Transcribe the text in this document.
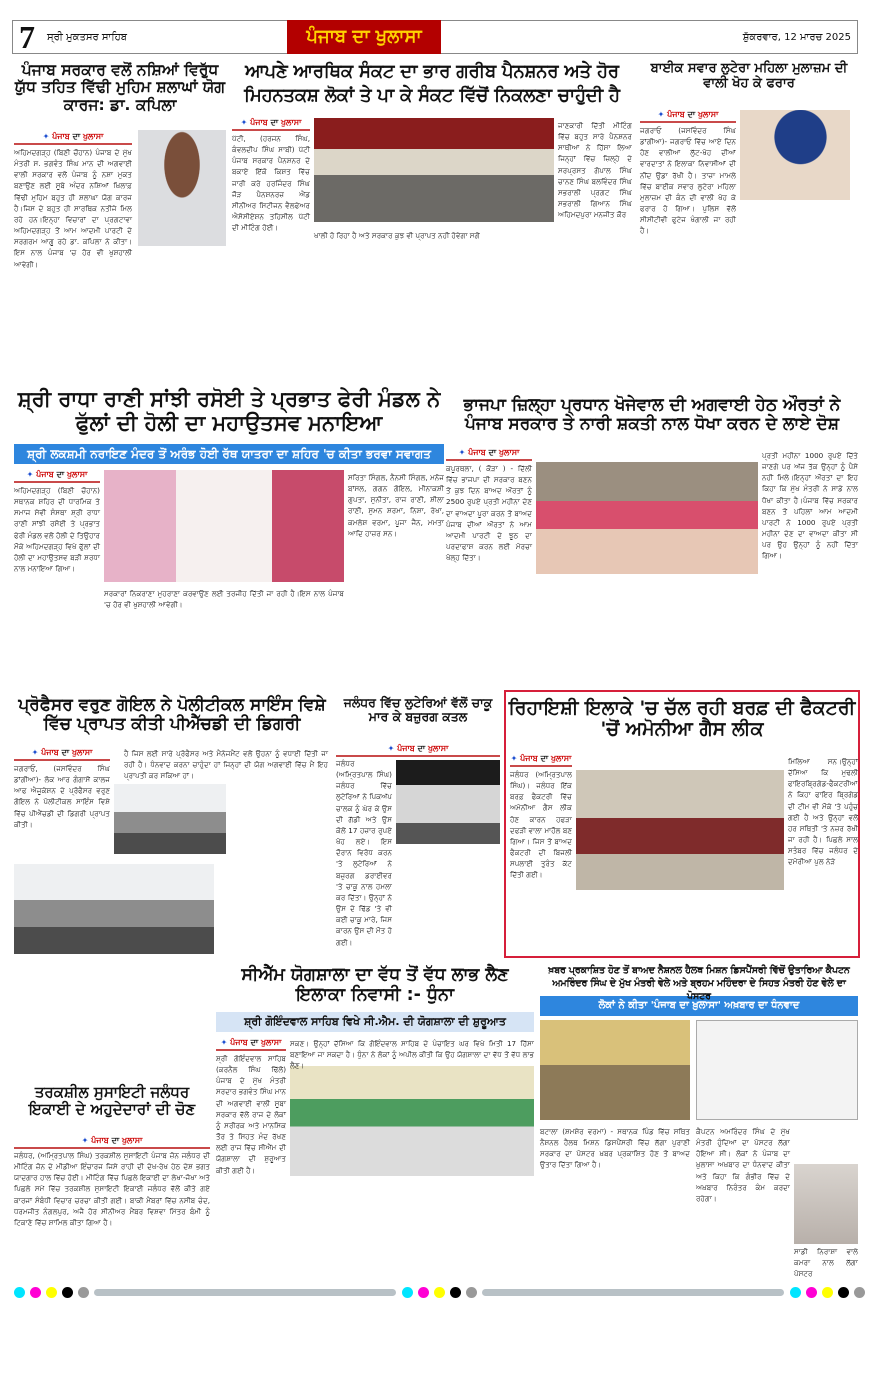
7 ਸ੍ਰੀ ਮੁਕਤਸਰ ਸਾਹਿਬ	ਪੰਜਾਬ ਦਾ ਖੁਲਾਸਾ	ਸ਼ੁੱਕਰਵਾਰ, 12 ਮਾਰਚ 2025
ਪੰਜਾਬ ਸਰਕਾਰ ਵਲੋਂ ਨਸ਼ਿਆਂ ਵਿਰੁੱਧ ਯੁੱਧ ਤਹਿਤ ਵਿੱਢੀ ਮੁਹਿਮ ਸ਼ਲਾਘਾਂ ਯੋਗ ਕਾਰਜ: ਡਾ. ਕਪਿਲਾ
✦ ਪੰਜਾਬ ਦਾ ਖੁਲਾਸਾ
ਅਹਿਮਦਗੜ੍ਹ (ਬਿਣੀ ਚੌਹਾਨ) ਪੰਜਾਬ ਦੇ ਮੁੱਖ ਮੰਤਰੀ ਸ. ਭਗਵੰਤ ਸਿੰਘ ਮਾਨ ਦੀ ਅਗਵਾਈ ਵਾਲੀ ਸਰਕਾਰ ਵਲੋਂ ਪੰਜਾਬ ਨੂੰ ਨਸ਼ਾ ਮੁਕਤ ਬਣਾਉਣ ਲਈ ਸੂਬੇ ਅੰਦਰ ਨਸ਼ਿਆਂ ਖ਼ਿਲਾਫ਼ ਵਿੱਢੀ ਮੁਹਿਮ ਬਹੁਤ ਹੀ ਸ਼ਲਾਘਾ ਯੋਗ ਕਾਰਜ ਹੈ।ਜਿਸ ਦੇ ਬਹੁਤ ਹੀ ਸਾਰਥਿਕ ਨਤੀਜੇ ਮਿਲ ਰਹੇ ਹਨ।ਇਨ੍ਹਾ ਵਿਚਾਰਾਂ ਦਾ ਪ੍ਰਗਟਾਵਾ ਅਹਿਮਦਗੜ੍ਹ ਤੋਂ ਆਮ ਆਦਮੀ ਪਾਰਟੀ ਦੇ ਸਰਗਰਮ ਆਗੂ ਰਹੇ ਡਾ. ਕਪਿਲਾ ਨੇ ਕੀਤਾ। ਇਸ ਨਾਲ ਪੰਜਾਬ 'ਚ ਹੋਰ ਵੀ ਖੁਸ਼ਹਾਲੀ ਆਵੇਗੀ।
ਆਪਣੇ ਆਰਥਿਕ ਸੰਕਟ ਦਾ ਭਾਰ ਗਰੀਬ ਪੈਨਸ਼ਨਰ ਅਤੇ ਹੋਰ ਮਿਹਨਤਕਸ਼ ਲੋਕਾਂ ਤੇ ਪਾ ਕੇ ਸੰਕਟ ਵਿੱਚੋਂ ਨਿਕਲਣਾ ਚਾਹੁੰਦੀ ਹੈ
✦ ਪੰਜਾਬ ਦਾ ਖੁਲਾਸਾ
ਪੱਟੀ, (ਹਰਜਨ ਸਿੰਘ, ਕੰਵਲਦੀਪ ਸਿੰਘ ਸਾਬੀ) ਪੱਟੀ ਪੰਜਾਬ ਸਰਕਾਰ ਪੈਨਸ਼ਨਰ ਦੇ ਬਕਾਏ ਇੱਕੋ ਕਿਸ਼ਤ ਵਿੱਚ ਜਾਰੀ ਕਰੇ ਹਰਜਿੰਦਰ ਸਿੰਘ ਜੌੜ ਪੈਨਸ਼ਨਰਜ਼ ਐਂਡ ਸੀਨੀਅਰ ਸਿਟੀਜਨ ਵੈਲਫੇਅਰ ਐਸੋਸੀਏਸ਼ਨ ਤਹਿਸੀਲ ਪੱਟੀ ਦੀ ਮੀਟਿੰਗ ਹੋਈ।
ਜਾਣਕਾਰੀ ਦਿੱਤੀ ਮੀਟਿੰਗ ਵਿੱਚ ਬਹੁਤ ਸਾਰੇ ਪੈਨਸ਼ਨਰ ਸਾਥੀਆਂ ਨੇ ਹਿੱਸਾ ਲਿਆ ਜਿਨ੍ਹਾਂ ਵਿੱਚ ਜ਼ਿਲ੍ਹੇ ਦੇ ਸਰਪ੍ਰਸਤ ਗੋਪਾਲ ਸਿੰਘ ਚਾਨਣ ਸਿੰਘ ਬਲਵਿੰਦਰ ਸਿੰਘ ਸਭਰਾਲੀ ਪ੍ਰਗਟ ਸਿੰਘ ਸਭਰਾਲੀ ਗਿਆਨ ਸਿੰਘ ਅਹਿਮਦਪੁਰਾ ਮਨਜੀਤ ਕੌਰ
ਖਾਲੀ ਹੋ ਰਿਹਾ ਹੈ ਅਤੇ ਸਰਕਾਰ ਕੁਝ ਵੀ ਪ੍ਰਾਪਤ ਨਹੀਂ ਹੋਵੇਗਾ ਸਗੋਂ
ਬਾਈਕ ਸਵਾਰ ਲੁਟੇਰਾ ਮਹਿਲਾ ਮੁਲਾਜ਼ਮ ਦੀ ਵਾਲੀ ਖੋਹ ਕੇ ਫਰਾਰ
✦ ਪੰਜਾਬ ਦਾ ਖੁਲਾਸਾ
ਜਗਰਾਓਂ (ਜਸਵਿੰਦਰ ਸਿੰਘ ਡਾਂਗੀਆ)- ਜਗਰਾਓਂ ਵਿੱਚ ਆਏ ਦਿਨ ਹੋਣ ਵਾਲੀਆਂ ਲੁੱਟ-ਖੋਹ ਦੀਆਂ ਵਾਰਦਾਤਾਂ ਨੇ ਇਲਾਕਾ ਨਿਵਾਸੀਆਂ ਦੀ ਨੀਂਦ ਉਡਾ ਰੱਖੀ ਹੈ। ਤਾਜ਼ਾ ਮਾਮਲੇ ਵਿੱਚ ਬਾਈਕ ਸਵਾਰ ਲੁਟੇਰਾ ਮਹਿਲਾ ਮੁਲਾਜ਼ਮ ਦੀ ਕੰਨ ਦੀ ਵਾਲੀ ਖੋਹ ਕੇ ਫਰਾਰ ਹੋ ਗਿਆ। ਪੁਲਿਸ ਵੱਲੋਂ ਸੀਸੀਟੀਵੀ ਫੁਟੇਜ ਖੰਗਾਲੀ ਜਾ ਰਹੀ ਹੈ।
ਸ਼੍ਰੀ ਰਾਧਾ ਰਾਣੀ ਸਾਂਝੀ ਰਸੋਈ ਤੇ ਪ੍ਰਭਾਤ ਫੇਰੀ ਮੰਡਲ ਨੇ ਫੁੱਲਾਂ ਦੀ ਹੋਲੀ ਦਾ ਮਹਾਉਤਸਵ ਮਨਾਇਆ
ਸ਼੍ਰੀ ਲਕਸ਼ਮੀ ਨਰਾਇਣ ਮੰਦਰ ਤੋਂ ਅਰੰਭ ਹੋਈ ਰੱਥ ਯਾਤਰਾ ਦਾ ਸ਼ਹਿਰ 'ਚ ਕੀਤਾ ਭਰਵਾ ਸਵਾਗਤ
✦ ਪੰਜਾਬ ਦਾ ਖੁਲਾਸਾ
ਅਹਿਮਦਗੜ੍ਹ (ਬਿਣੀ ਚੌਹਾਨ) ਸਥਾਨਕ ਸ਼ਹਿਰ ਦੀ ਧਾਰਮਿਕ ਤੇ ਸਮਾਜ ਸੇਵੀ ਸੰਸਥਾ ਸ਼੍ਰੀ ਰਾਧਾ ਰਾਣੀ ਸਾਂਝੀ ਰਸੋਈ ਤੇ ਪ੍ਰਭਾਤ ਫੇਰੀ ਮੰਡਲ ਵਲੋਂ ਹੋਲੀ ਦੇ ਤਿਉਹਾਰ ਮੌਕੇ ਅਹਿਮਦਗੜ੍ਹ ਵਿਖੇ ਫੁੱਲਾਂ ਦੀ ਹੋਲੀ ਦਾ ਮਹਾਉਤਸਵ ਬੜੀ ਸ਼ਰਧਾ ਨਾਲ ਮਨਾਇਆ ਗਿਆ।
ਸਰਿਤਾ ਸਿੰਗਲ, ਨੈਨਸੀ ਸਿੰਗਲ, ਮਨੋਜ ਬਾਂਸਲ, ਗਗਨ ਗੋਇਲ, ਮੀਨਾਕਸ਼ੀ ਗੁਪਤਾ, ਸੁਨੀਤਾ, ਰਾਜ ਰਾਣੀ, ਸ਼ੀਲਾ ਰਾਣੀ, ਸੁਮਨ ਸ਼ਰਮਾ, ਨਿਸ਼ਾ, ਰੇਖਾ, ਕਮਲੇਸ਼ ਵਰਮਾ, ਪੂਜਾ ਜੈਨ, ਮਮਤਾ ਆਦਿ ਹਾਜ਼ਰ ਸਨ।
ਸਰਕਾਰਾਂ ਨਿਕਰਾਣਾ ਮੁਹਰਾਣਾ ਕਰਵਾਉਣ ਲਈ ਤਰਜੀਹ ਦਿੱਤੀ ਜਾ ਰਹੀ ਹੈ।ਇਸ ਨਾਲ ਪੰਜਾਬ 'ਚ ਹੋਰ ਵੀ ਖੁਸ਼ਹਾਲੀ ਆਵੇਗੀ।
ਭਾਜਪਾ ਜ਼ਿਲ੍ਹਾ ਪ੍ਰਧਾਨ ਖੋਜੇਵਾਲ ਦੀ ਅਗਵਾਈ ਹੇਠ ਔਰਤਾਂ ਨੇ ਪੰਜਾਬ ਸਰਕਾਰ ਤੇ ਨਾਰੀ ਸ਼ਕਤੀ ਨਾਲ ਧੋਖਾ ਕਰਨ ਦੇ ਲਾਏ ਦੋਸ਼
✦ ਪੰਜਾਬ ਦਾ ਖੁਲਾਸਾ
ਕਪੂਰਥਲਾ, ( ਕੌੜਾ ) - ਦਿੱਲੀ ਵਿੱਚ ਭਾਜਪਾ ਦੀ ਸਰਕਾਰ ਬਣਨ ਤੋਂ ਕੁਝ ਦਿਨ ਬਾਅਦ ਔਰਤਾਂ ਨੂੰ 2500 ਰੁਪਏ ਪ੍ਰਤੀ ਮਹੀਨਾ ਦੇਣ ਦਾ ਵਾਅਦਾ ਪੂਰਾ ਕਰਨ ਤੋਂ ਬਾਅਦ ਪੰਜਾਬ ਦੀਆਂ ਔਰਤਾਂ ਨੇ ਆਮ ਆਦਮੀ ਪਾਰਟੀ ਦੇ ਝੂਠ ਦਾ ਪਰਦਾਫਾਸ਼ ਕਰਨ ਲਈ ਮੋਰਚਾ ਖੋਲ੍ਹ ਦਿੱਤਾ।
ਪ੍ਰਤੀ ਮਹੀਨਾ 1000 ਰੁਪਏ ਦਿੱਤੇ ਜਾਣਗੇ ਪਰ ਅੱਜ ਤੱਕ ਉਨ੍ਹਾਂ ਨੂੰ ਪੈਸੇ ਨਹੀਂ ਮਿਲੇ।ਇਨ੍ਹਾਂ ਔਰਤਾਂ ਦਾ ਇਹ ਕਿਹਾ ਕਿ ਮੁੱਖ ਮੰਤਰੀ ਨੇ ਸਾਡੇ ਨਾਲ ਧੋਖਾ ਕੀਤਾ ਹੈ।ਪੰਜਾਬ ਵਿੱਚ ਸਰਕਾਰ ਬਣਨ ਤੋਂ ਪਹਿਲਾਂ ਆਮ ਆਦਮੀ ਪਾਰਟੀ ਨੇ 1000 ਰੁਪਏ ਪ੍ਰਤੀ ਮਹੀਨਾ ਦੇਣ ਦਾ ਵਾਅਦਾ ਕੀਤਾ ਸੀ ਪਰ ਉਹ ਉਨ੍ਹਾਂ ਨੂੰ ਨਹੀਂ ਦਿੱਤਾ ਗਿਆ।
ਪ੍ਰੋਫੈਸਰ ਵਰੁਣ ਗੋਇਲ ਨੇ ਪੋਲੀਟੀਕਲ ਸਾਇੰਸ ਵਿਸ਼ੇ ਵਿੱਚ ਪ੍ਰਾਪਤ ਕੀਤੀ ਪੀਐੱਚਡੀ ਦੀ ਡਿਗਰੀ
✦ ਪੰਜਾਬ ਦਾ ਖੁਲਾਸਾ
ਜਗਰਾਓਂ, (ਜਸਵਿੰਦਰ ਸਿੰਘ ਡਾਂਗੀਆ)- ਲੋਕ ਆਰ ਗੰਗਾਸੋਂ ਕਾਲਜ ਆਫ ਐਜੂਕੇਸ਼ਨ ਦੇ ਪ੍ਰੋਫੈਸਰ ਵਰੁਣ ਗੋਇਲ ਨੇ ਪੋਲੀਟੀਕਲ ਸਾਇੰਸ ਵਿਸ਼ੇ ਵਿੱਚ ਪੀਐੱਚਡੀ ਦੀ ਡਿਗਰੀ ਪ੍ਰਾਪਤ ਕੀਤੀ।
ਹੈ ਜਿਸ ਲਈ ਸਾਰੇ ਪ੍ਰੋਫੈਸਰ ਅਤੇ ਮੈਨੇਜਮੈਂਟ ਵਲੋਂ ਉਹਨਾ ਨੂੰ ਵਧਾਈ ਦਿੱਤੀ ਜਾ ਰਹੀ ਹੈ। ਧੰਨਵਾਦ ਕਰਨਾ ਚਾਹੁੰਦਾ ਹਾਂ ਜਿਨ੍ਹਾਂ ਦੀ ਯੋਗ ਅਗਵਾਈ ਵਿੱਚ ਮੈਂ ਇਹ ਪ੍ਰਾਪਤੀ ਕਰ ਸਕਿਆ ਹਾਂ।
ਜਲੰਧਰ ਵਿੱਚ ਲੁਟੇਰਿਆਂ ਵੱਲੋਂ ਚਾਕੂ ਮਾਰ ਕੇ ਬਜ਼ੁਰਗ ਕਤਲ
✦ ਪੰਜਾਬ ਦਾ ਖੁਲਾਸਾ
ਜਲੰਧਰ (ਅਮ੍ਰਿਤਪਾਲ ਸਿੰਘ) ਜਲੰਧਰ ਵਿੱਚ ਲੁਟੇਰਿਆਂ ਨੇ ਪਿਕਅੱਪ ਚਾਲਕ ਨੂੰ ਘੇਰ ਕੇ ਉਸ ਦੀ ਗੱਡੀ ਅਤੇ ਉਸ ਕੋਲੋਂ 17 ਹਜ਼ਾਰ ਰੁਪਏ ਖੋਹ ਲਏ। ਇਸ ਦੌਰਾਨ ਵਿਰੋਧ ਕਰਨ 'ਤੇ ਲੁਟੇਰਿਆਂ ਨੇ ਬਜ਼ੁਰਗ ਡਰਾਈਵਰ 'ਤੇ ਚਾਕੂ ਨਾਲ ਹਮਲਾ ਕਰ ਦਿੱਤਾ। ਉਨ੍ਹਾਂ ਨੇ ਉਸ ਦੇ ਢਿੱਡ 'ਤੇ ਵੀ ਕਈ ਚਾਕੂ ਮਾਰੇ, ਜਿਸ ਕਾਰਨ ਉਸ ਦੀ ਮੌਤ ਹੋ ਗਈ।
ਰਿਹਾਇਸ਼ੀ ਇਲਾਕੇ 'ਚ ਚੱਲ ਰਹੀ ਬਰਫ਼ ਦੀ ਫੈਕਟਰੀ 'ਚੋਂ ਅਮੋਨੀਆ ਗੈਸ ਲੀਕ
✦ ਪੰਜਾਬ ਦਾ ਖੁਲਾਸਾ
ਜਲੰਧਰ (ਅਮ੍ਰਿਤਪਾਲ ਸਿੰਘ)। ਜਲੰਧਰ ਇੱਕ ਬਰਫ਼ ਫੈਕਟਰੀ ਵਿੱਚ ਅਮੋਨੀਆ ਗੈਸ ਲੀਕ ਹੋਣ ਕਾਰਨ ਹਫੜਾ ਦਫੜੀ ਵਾਲਾ ਮਾਹੌਲ ਬਣ ਗਿਆ। ਜਿਸ ਤੋਂ ਬਾਅਦ ਫੈਕਟਰੀ ਦੀ ਬਿਜਲੀ ਸਪਲਾਈ ਤੁਰੰਤ ਕੱਟ ਦਿੱਤੀ ਗਈ।
ਮਿਲਿਆ ਸਨ।ਉਨ੍ਹਾਂ ਦੱਸਿਆ ਕਿ ਮੁਢਲੀ ਫਾਇਰਬ੍ਰਿਗੇਡ-ਫੈਕਟਰੀਆਂ ਨੇ ਕਿਹਾ ਫਾਇਰ ਬ੍ਰਿਗੇਡ ਦੀ ਟੀਮ ਵੀ ਮੌਕੇ 'ਤੇ ਪਹੁੰਚ ਗਈ ਹੈ ਅਤੇ ਉਨ੍ਹਾਂ ਵਲੋਂ ਹਰ ਸਥਿਤੀ 'ਤੇ ਨਜ਼ਰ ਰੱਖੀ ਜਾ ਰਹੀ ਹੈ। ਪਿਛਲੇ ਸਾਲ ਸਤੰਬਰ ਵਿੱਚ ਜਲੰਧਰ ਦੇ ਦਮੋਰੀਆ ਪੁਲ ਨੇੜੇ
ਤਰਕਸ਼ੀਲ ਸੁਸਾਇਟੀ ਜਲੰਧਰ ਇਕਾਈ ਦੇ ਅਹੁਦੇਦਾਰਾਂ ਦੀ ਚੋਣ
✦ ਪੰਜਾਬ ਦਾ ਖੁਲਾਸਾ
ਜਲੰਧਰ, (ਅਮ੍ਰਿਤਪਾਲ ਸਿੰਘ) ਤਰਕਸ਼ੀਲ ਸੁਸਾਇਟੀ ਪੰਜਾਬ ਜ਼ੋਨ ਜਲੰਧਰ ਦੀ ਮੀਟਿੰਗ ਜ਼ੋਨ ਦੇ ਮੀਡੀਆ ਇੰਚਾਰਜ ਜਿਸੇ ਰਾਹੀ ਦੀ ਦੇਖ-ਰੇਖ ਹੇਠ ਦੇਸ਼ ਭਗਤ ਯਾਦਗਾਰ ਹਾਲ ਵਿੱਚ ਹੋਈ। ਮੀਟਿੰਗ ਵਿੱਚ ਪਿਛਲੇ ਇਕਾਈ ਦਾ ਲੇਖਾ-ਜੋਖਾ ਅਤੇ ਪਿਛਲੇ ਸਮੇਂ ਵਿੱਚ ਤਰਕਸ਼ੀਲ ਸੁਸਾਇਟੀ ਇਕਾਈ ਜਲੰਧਰ ਵੱਲੋਂ ਕੀਤੇ ਗਏ ਕਾਰਜਾਂ ਸੰਬੰਧੀ ਵਿਚਾਰ ਚਰਚਾ ਕੀਤੀ ਗਈ। ਬਾਕੀ ਮੈਂਬਰਾਂ ਵਿੱਚ ਨਸੀਬ ਚੰਦ, ਧਰਮਜੀਤ ਨੰਗਲਪੁਰ, ਅਜੈ ਹੋਰ ਸੀਨੀਅਰ ਮੈਂਬਰ ਵਿਸ਼ਵਾ ਮਿੱਤਰ ਬੰਮੀ ਨੂੰ ਟਿਕਾਣੇ ਵਿੱਚ ਸ਼ਾਮਿਲ ਕੀਤਾ ਗਿਆ ਹੈ।
ਸੀਐੱਮ ਯੋਗਸ਼ਾਲਾ ਦਾ ਵੱਧ ਤੋਂ ਵੱਧ ਲਾਭ ਲੈਣ ਇਲਾਕਾ ਨਿਵਾਸੀ :- ਧੁੰਨਾ
ਸ਼੍ਰੀ ਗੋਇੰਦਵਾਲ ਸਾਹਿਬ ਵਿਖੇ ਸੀ.ਐਮ. ਦੀ ਯੋਗਸ਼ਾਲਾ ਦੀ ਸ਼ੁਰੂਆਤ
✦ ਪੰਜਾਬ ਦਾ ਖੁਲਾਸਾ
ਸ਼੍ਰੀ ਗੋਇੰਦਵਾਲ ਸਾਹਿਬ (ਕਰਨੈਲ ਸਿੰਘ ਢਿੱਲੋਂ) ਪੰਜਾਬ ਦੇ ਮੁੱਖ ਮੰਤਰੀ ਸਰਦਾਰ ਭਗਵੰਤ ਸਿੰਘ ਮਾਨ ਦੀ ਅਗਵਾਈ ਵਾਲੀ ਸੂਬਾ ਸਰਕਾਰ ਵੱਲੋਂ ਰਾਜ ਦੇ ਲੋਕਾਂ ਨੂੰ ਸਰੀਰਕ ਅਤੇ ਮਾਨਸਿਕ ਤੌਰ ਤੇ ਸਿਹਤ ਮੰਦ ਰੱਖਣ ਲਈ ਰਾਜ ਵਿੱਚ ਸੀਐੱਮ ਦੀ ਯੋਗਸ਼ਾਲਾ ਦੀ ਸ਼ੁਰੂਆਤ ਕੀਤੀ ਗਈ ਹੈ।
ਸਕਣ। ਉਨ੍ਹਾਂ ਦੱਸਿਆ ਕਿ ਗੋਇੰਦਵਾਲ ਸਾਹਿਬ ਦੇ ਪੰਚਾਇਤ ਘਰ ਵਿਖੇ ਮਿਤੀ 17 ਹਿੱਸਾ ਬਣਾਇਆ ਜਾ ਸਕਦਾ ਹੈ। ਧੁੰਨਾ ਨੇ ਲੋਕਾਂ ਨੂੰ ਅਪੀਲ ਕੀਤੀ ਕਿ ਉਹ ਯੋਗਸ਼ਾਲਾ ਦਾ ਵੱਧ ਤੋਂ ਵੱਧ ਲਾਭ ਲੈਣ।
ਖ਼ਬਰ ਪ੍ਰਕਾਸ਼ਿਤ ਹੋਣ ਤੋਂ ਬਾਅਦ ਨੈਸ਼ਨਲ ਹੈਲਥ ਮਿਸ਼ਨ ਡਿਸਪੈਂਸਰੀ ਵਿੱਚੋਂ ਉਤਾਰਿਆ ਕੈਪਟਨ ਅਮਰਿੰਦਰ ਸਿੰਘ ਦੇ ਮੁੱਖ ਮੰਤਰੀ ਵੇਲੇ ਅਤੇ ਬ੍ਰਹਮ ਮਹਿੰਦਰਾ ਦੇ ਸਿਹਤ ਮੰਤਰੀ ਹੋਣ ਵੇਲੇ ਦਾ ਪੋਸਟਰ
ਲੋਕਾਂ ਨੇ ਕੀਤਾ 'ਪੰਜਾਬ ਦਾ ਖ਼ੁਲਾਸਾ' ਅਖ਼ਬਾਰ ਦਾ ਧੰਨਵਾਦ
ਬਟਾਲਾ (ਸ਼ਮਸ਼ੇਰ ਵਰਮਾ) - ਸਥਾਨਕ ਪਿੰਡ ਵਿੱਚ ਸਥਿਤ ਨੈਸ਼ਨਲ ਹੈਲਥ ਮਿਸ਼ਨ ਡਿਸਪੈਂਸਰੀ ਵਿੱਚ ਲੱਗਾ ਪੁਰਾਣੀ ਸਰਕਾਰ ਦਾ ਪੋਸਟਰ ਖ਼ਬਰ ਪ੍ਰਕਾਸ਼ਿਤ ਹੋਣ ਤੋਂ ਬਾਅਦ ਉਤਾਰ ਦਿੱਤਾ ਗਿਆ ਹੈ।
ਕੈਪਟਨ ਅਮਰਿੰਦਰ ਸਿੰਘ ਦੇ ਮੁੱਖ ਮੰਤਰੀ ਹੁੰਦਿਆਂ ਦਾ ਪੋਸਟਰ ਲੱਗਾ ਹੋਇਆ ਸੀ। ਲੋਕਾਂ ਨੇ ਪੰਜਾਬ ਦਾ ਖ਼ੁਲਾਸਾ ਅਖ਼ਬਾਰ ਦਾ ਧੰਨਵਾਦ ਕੀਤਾ ਅਤੇ ਕਿਹਾ ਕਿ ਗੰਭੀਰ ਵਿੱਚ ਦੇ ਅਖ਼ਬਾਰ ਨਿਰੰਤਰ ਕੰਮ ਕਰਦਾ ਰਹੇਗਾ।
ਸਾਡੀ ਨਿਰਾਸ਼ਾ ਵਾਲੇ ਕਮਰਾ ਨਾਲ ਲੱਗਾ ਪੋਸਟਰ
